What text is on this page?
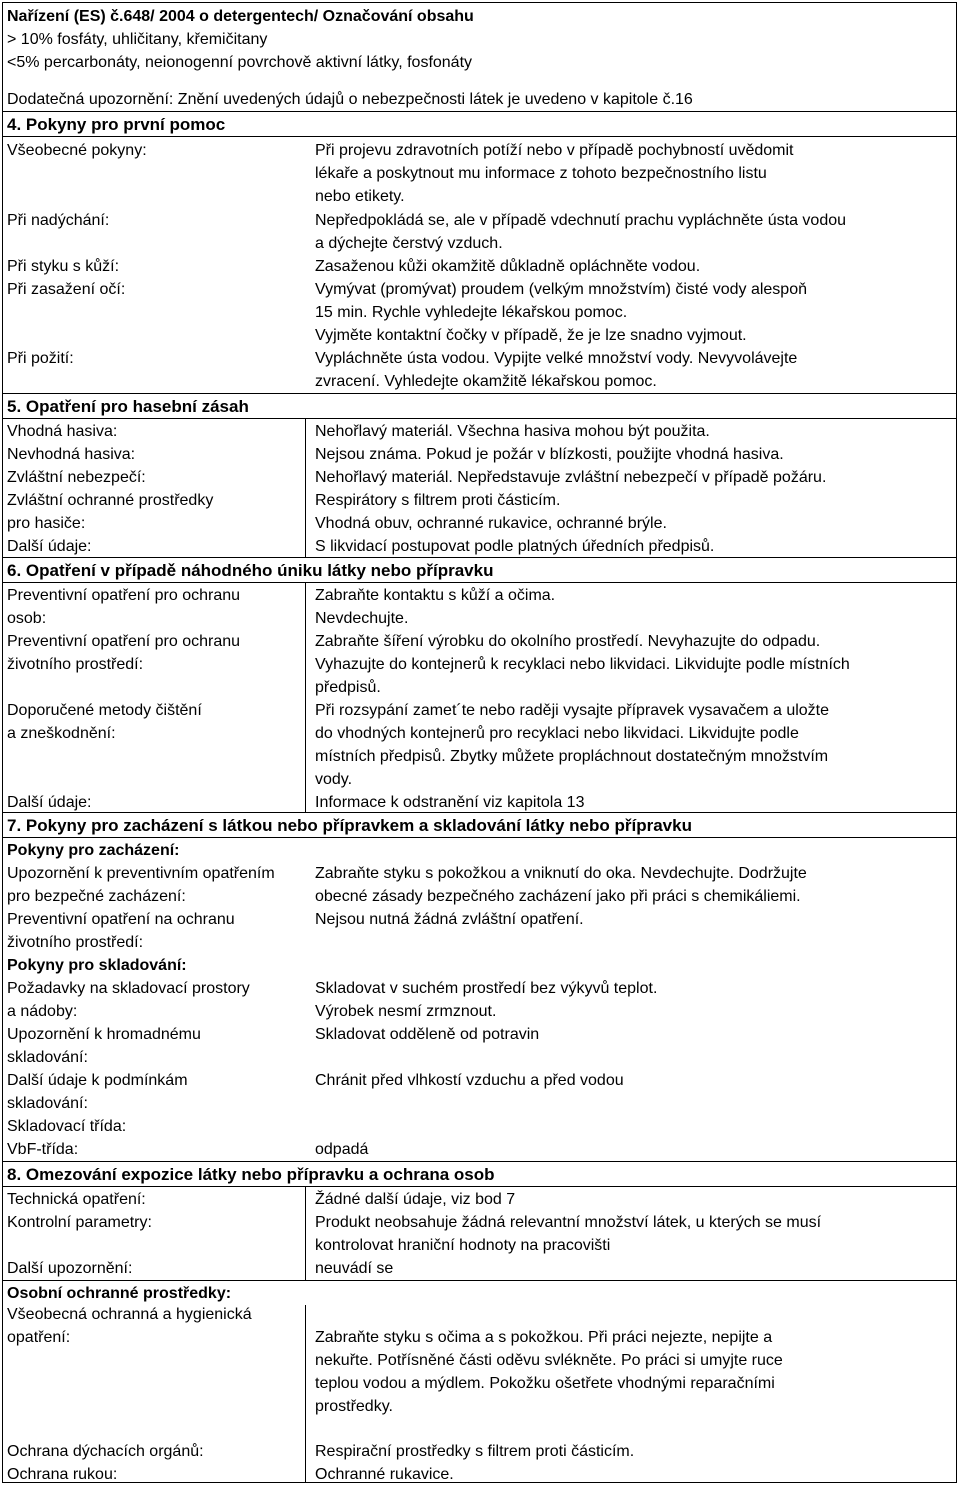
Nařízení (ES) č.648/ 2004 o detergentech/ Označování obsahu
> 10% fosfáty, uhličitany, křemičitany
<5% percarbonáty, neionogenní povrchově aktivní látky, fosfonáty
Dodatečná upozornění: Znění uvedených údajů o nebezpečnosti látek je uvedeno v kapitole č.16
4. Pokyny pro první pomoc
Všeobecné pokyny:	Při projevu zdravotních potíží nebo v případě pochybností uvědomit
lékaře a poskytnout mu informace z tohoto bezpečnostního listu
nebo etikety.
Při nadýchání:	Nepředpokládá se, ale v případě vdechnutí prachu vypláchněte ústa vodou
a dýchejte čerstvý vzduch.
Při styku s kůží:	Zasaženou kůži okamžitě důkladně opláchněte vodou.
Při zasažení očí:	Vymývat (promývat) proudem (velkým množstvím) čisté vody alespoň
15 min. Rychle vyhledejte lékařskou pomoc.
Vyjměte kontaktní čočky v případě, že je lze snadno vyjmout.
Při požití:	Vypláchněte ústa vodou. Vypijte velké množství vody. Nevyvolávejte
zvracení. Vyhledejte okamžitě lékařskou pomoc.
5. Opatření pro hasební zásah
Vhodná hasiva:	Nehořlavý materiál. Všechna hasiva mohou být použita.
Nevhodná hasiva:	Nejsou známa. Pokud je požár v blízkosti, použijte vhodná hasiva.
Zvláštní nebezpečí:	Nehořlavý materiál. Nepředstavuje zvláštní nebezpečí v případě požáru.
Zvláštní ochranné prostředky	Respirátory s filtrem proti částicím.
pro hasiče:	Vhodná obuv, ochranné rukavice, ochranné brýle.
Další údaje:	S likvidací postupovat podle platných úředních předpisů.
6. Opatření v případě náhodného úniku látky nebo přípravku
Preventivní opatření pro ochranu	Zabraňte kontaktu s kůží a očima.
osob:	Nevdechujte.
Preventivní opatření pro ochranu	Zabraňte šíření výrobku do okolního prostředí. Nevyhazujte do odpadu.
životního prostředí:	Vyhazujte do kontejnerů k recyklaci nebo likvidaci. Likvidujte podle místních
předpisů.
Doporučené metody čištění	Při rozsypání zamet´te nebo raději vysajte přípravek vysavačem a uložte
a zneškodnění:	do vhodných kontejnerů pro recyklaci nebo likvidaci. Likvidujte podle
místních předpisů. Zbytky můžete propláchnout dostatečným množstvím
vody.
Další údaje:	Informace k odstranění viz kapitola 13
7. Pokyny pro zacházení s látkou nebo přípravkem a skladování látky nebo přípravku
Pokyny pro zacházení:
Upozornění k preventivním opatřením	Zabraňte styku s pokožkou a vniknutí do oka. Nevdechujte. Dodržujte
pro bezpečné zacházení:	obecné zásady bezpečného zacházení jako při práci s chemikáliemi.
Preventivní opatření na ochranu	Nejsou nutná žádná zvláštní opatření.
životního prostředí:
Pokyny pro skladování:
Požadavky na skladovací prostory	Skladovat v suchém prostředí bez výkyvů teplot.
a nádoby:	Výrobek nesmí zrmznout.
Upozornění k hromadnému	Skladovat odděleně od potravin
skladování:
Další údaje k podmínkám	Chránit před vlhkostí vzduchu a před vodou
skladování:
Skladovací třída:
VbF-třída:	odpadá
8. Omezování expozice látky nebo přípravku a ochrana osob
Technická opatření:	Žádné další údaje, viz bod 7
Kontrolní parametry:	Produkt neobsahuje žádná relevantní množství látek, u kterých se musí
kontrolovat hraniční hodnoty na pracovišti
Další upozornění:	neuvádí se
Osobní ochranné prostředky:
Všeobecná ochranná a hygienická
opatření:	Zabraňte styku s očima a s pokožkou. Při práci nejezte, nepijte a
nekuřte. Potřísněné části oděvu svlékněte. Po práci si umyjte ruce
teplou vodou a mýdlem. Pokožku ošetřete vhodnými reparačními
prostředky.
Ochrana dýchacích orgánů:	Respirační prostředky s filtrem proti částicím.
Ochrana rukou:	Ochranné rukavice.
